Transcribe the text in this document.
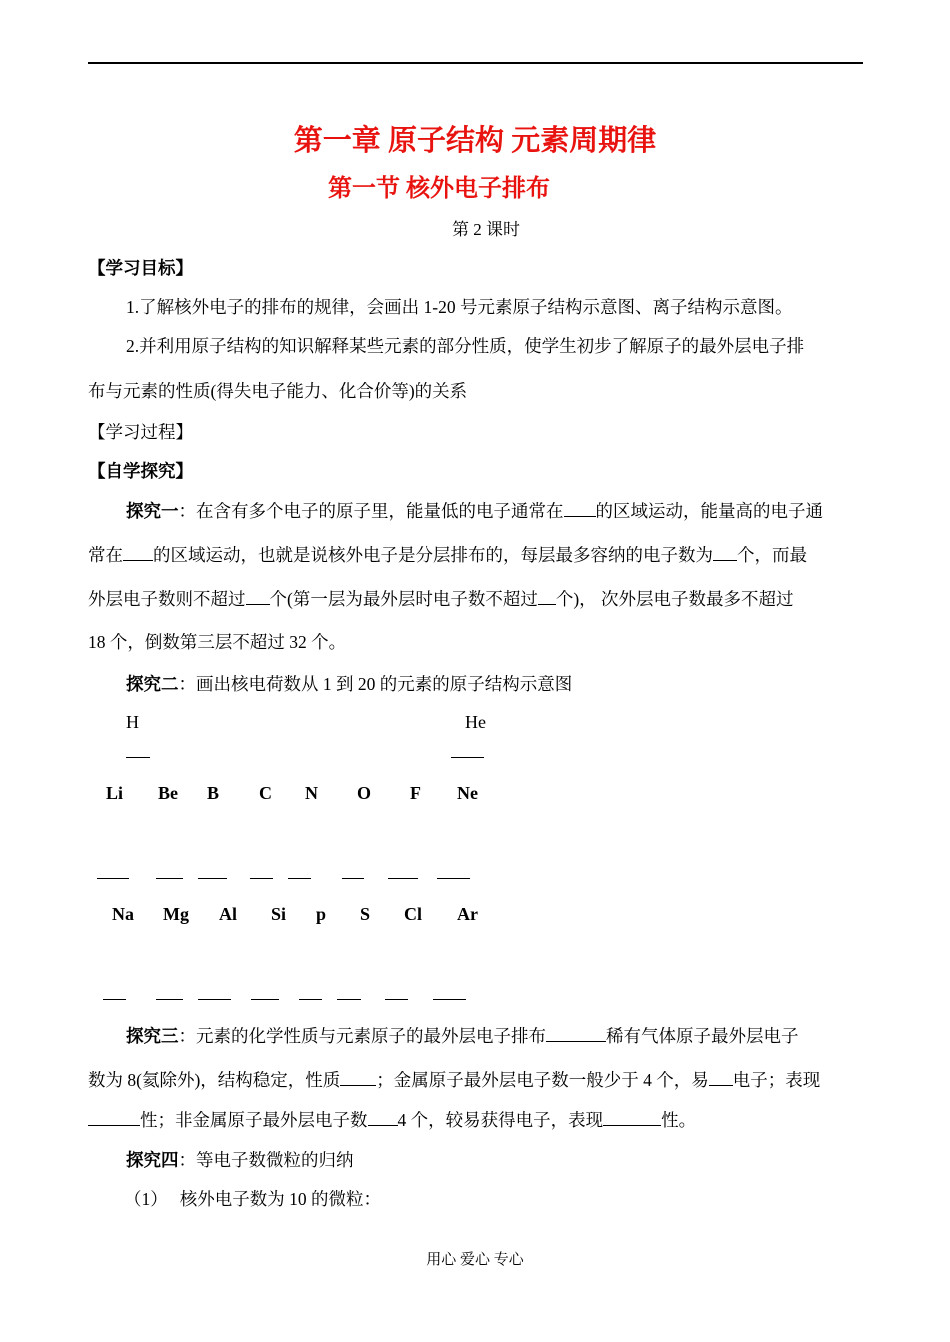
第一章 原子结构 元素周期律
第一节 核外电子排布
第 2 课时
【学习目标】
1.了解核外电子的排布的规律，会画出 1-20 号元素原子结构示意图、离子结构示意图。
2.并利用原子结构的知识解释某些元素的部分性质，使学生初步了解原子的最外层电子排
布与元素的性质(得失电子能力、化合价等)的关系
【学习过程】
【自学探究】
探究一：在含有多个电子的原子里，能量低的电子通常在 的区域运动，能量高的电子通
常在 的区域运动，也就是说核外电子是分层排布的，每层最多容纳的电子数为 个，而最
外层电子数则不超过 个(第一层为最外层时电子数不超过 个)， 次外层电子数最多不超过
18 个，倒数第三层不超过 32 个。
探究二：画出核电荷数从 1 到 20 的元素的原子结构示意图
H	He
Li Be B C N O F Ne
Na Mg Al Si p S Cl Ar
探究三：元素的化学性质与元素原子的最外层电子排布	稀有气体原子最外层电子
数为 8(氦除外)，结构稳定，性质 ；金属原子最外层电子数一般少于 4 个，易 电子；表现
性；非金属原子最外层电子数 4 个，较易获得电子，表现	性。
探究四：等电子数微粒的归纳
（1） 核外电子数为 10 的微粒：
用心 爱心 专心
